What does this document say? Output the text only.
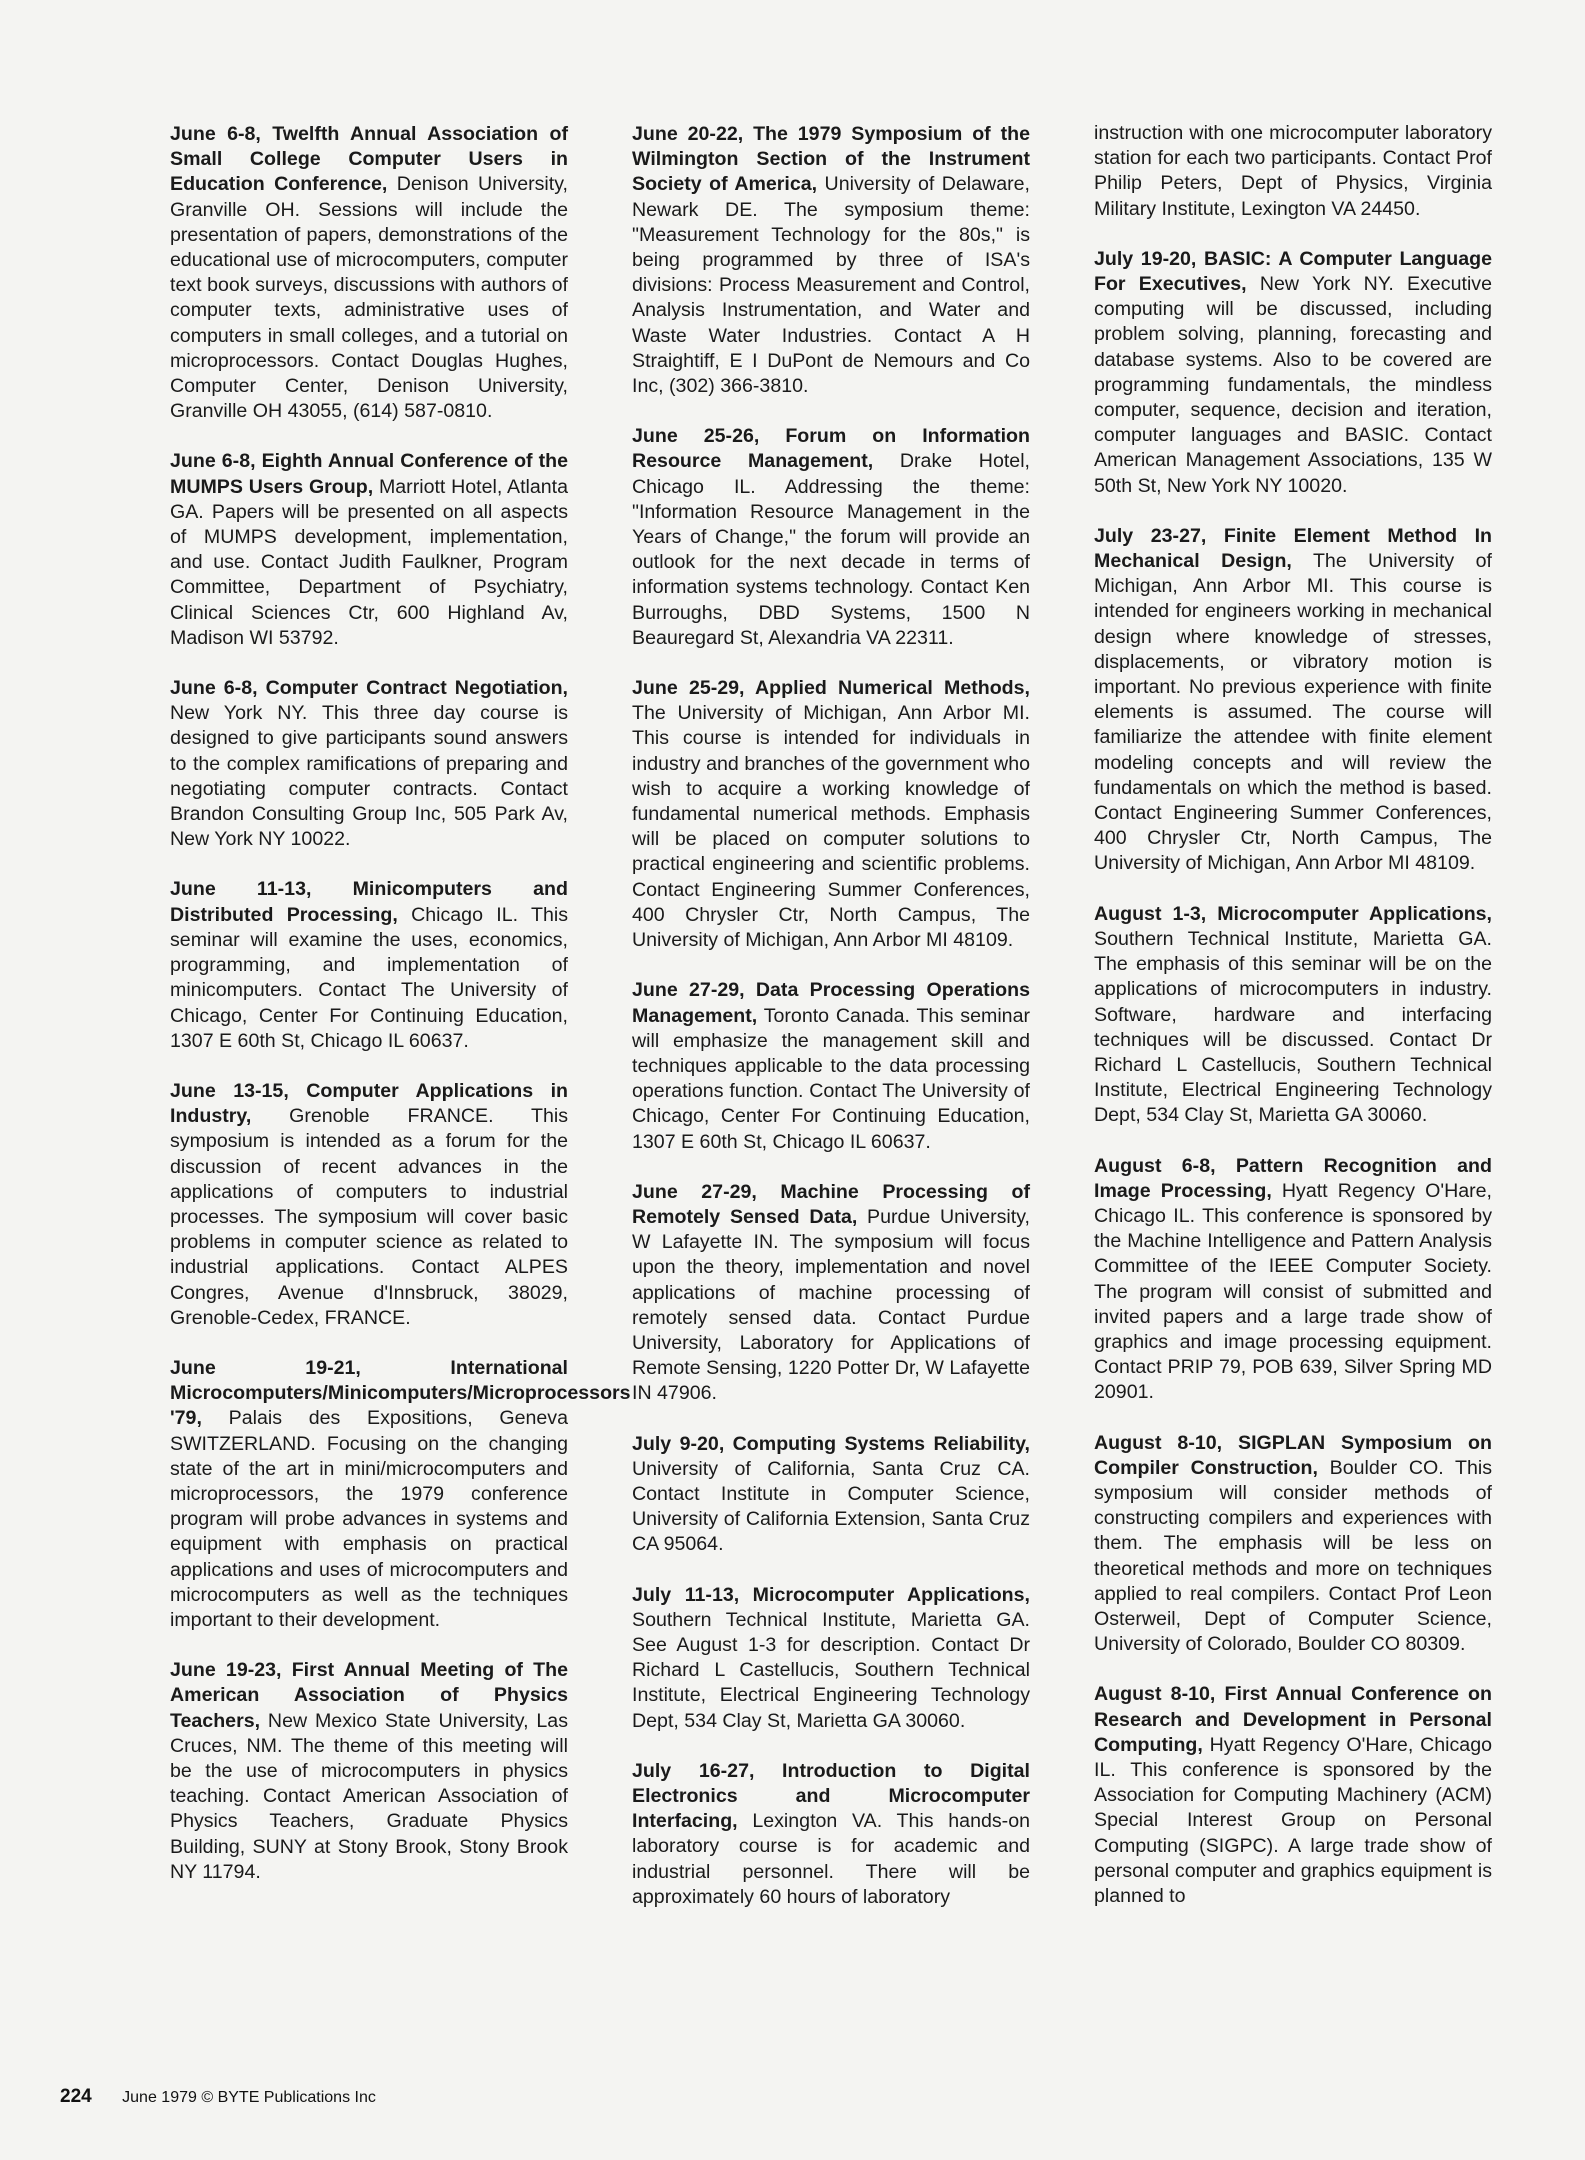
June 6-8, Twelfth Annual Association of Small College Computer Users in Education Conference, Denison University, Granville OH. Sessions will include the presentation of papers, demonstrations of the educational use of microcomputers, computer text book surveys, discussions with authors of computer texts, administrative uses of computers in small colleges, and a tutorial on microprocessors. Contact Douglas Hughes, Computer Center, Denison University, Granville OH 43055, (614) 587-0810.

June 6-8, Eighth Annual Conference of the MUMPS Users Group, Marriott Hotel, Atlanta GA. Papers will be presented on all aspects of MUMPS development, implementation, and use. Contact Judith Faulkner, Program Committee, Department of Psychiatry, Clinical Sciences Ctr, 600 Highland Av, Madison WI 53792.

June 6-8, Computer Contract Negotiation, New York NY. This three day course is designed to give participants sound answers to the complex ramifications of preparing and negotiating computer contracts. Contact Brandon Consulting Group Inc, 505 Park Av, New York NY 10022.

June 11-13, Minicomputers and Distributed Processing, Chicago IL. This seminar will examine the uses, economics, programming, and implementation of minicomputers. Contact The University of Chicago, Center For Continuing Education, 1307 E 60th St, Chicago IL 60637.

June 13-15, Computer Applications in Industry, Grenoble FRANCE. This symposium is intended as a forum for the discussion of recent advances in the applications of computers to industrial processes. The symposium will cover basic problems in computer science as related to industrial applications. Contact ALPES Congres, Avenue d'Innsbruck, 38029, Grenoble-Cedex, FRANCE.

June 19-21, International Microcomputers/Minicomputers/Microprocessors '79, Palais des Expositions, Geneva SWITZERLAND. Focusing on the changing state of the art in mini/microcomputers and microprocessors, the 1979 conference program will probe advances in systems and equipment with emphasis on practical applications and uses of microcomputers and microcomputers as well as the techniques important to their development.

June 19-23, First Annual Meeting of The American Association of Physics Teachers, New Mexico State University, Las Cruces, NM. The theme of this meeting will be the use of microcomputers in physics teaching. Contact American Association of Physics Teachers, Graduate Physics Building, SUNY at Stony Brook, Stony Brook NY 11794.

June 20-22, The 1979 Symposium of the Wilmington Section of the Instrument Society of America, University of Delaware, Newark DE. The symposium theme: "Measurement Technology for the 80s," is being programmed by three of ISA's divisions: Process Measurement and Control, Analysis Instrumentation, and Water and Waste Water Industries. Contact A H Straightiff, E I DuPont de Nemours and Co Inc, (302) 366-3810.

June 25-26, Forum on Information Resource Management, Drake Hotel, Chicago IL. Addressing the theme: "Information Resource Management in the Years of Change," the forum will provide an outlook for the next decade in terms of information systems technology. Contact Ken Burroughs, DBD Systems, 1500 N Beauregard St, Alexandria VA 22311.

June 25-29, Applied Numerical Methods, The University of Michigan, Ann Arbor MI. This course is intended for individuals in industry and branches of the government who wish to acquire a working knowledge of fundamental numerical methods. Emphasis will be placed on computer solutions to practical engineering and scientific problems. Contact Engineering Summer Conferences, 400 Chrysler Ctr, North Campus, The University of Michigan, Ann Arbor MI 48109.

June 27-29, Data Processing Operations Management, Toronto Canada. This seminar will emphasize the management skill and techniques applicable to the data processing operations function. Contact The University of Chicago, Center For Continuing Education, 1307 E 60th St, Chicago IL 60637.

June 27-29, Machine Processing of Remotely Sensed Data, Purdue University, W Lafayette IN. The symposium will focus upon the theory, implementation and novel applications of machine processing of remotely sensed data. Contact Purdue University, Laboratory for Applications of Remote Sensing, 1220 Potter Dr, W Lafayette IN 47906.

July 9-20, Computing Systems Reliability, University of California, Santa Cruz CA. Contact Institute in Computer Science, University of California Extension, Santa Cruz CA 95064.

July 11-13, Microcomputer Applications, Southern Technical Institute, Marietta GA. See August 1-3 for description. Contact Dr Richard L Castellucis, Southern Technical Institute, Electrical Engineering Technology Dept, 534 Clay St, Marietta GA 30060.

July 16-27, Introduction to Digital Electronics and Microcomputer Interfacing, Lexington VA. This hands-on laboratory course is for academic and industrial personnel. There will be approximately 60 hours of laboratory

instruction with one microcomputer laboratory station for each two participants. Contact Prof Philip Peters, Dept of Physics, Virginia Military Institute, Lexington VA 24450.

July 19-20, BASIC: A Computer Language For Executives, New York NY. Executive computing will be discussed, including problem solving, planning, forecasting and database systems. Also to be covered are programming fundamentals, the mindless computer, sequence, decision and iteration, computer languages and BASIC. Contact American Management Associations, 135 W 50th St, New York NY 10020.

July 23-27, Finite Element Method In Mechanical Design, The University of Michigan, Ann Arbor MI. This course is intended for engineers working in mechanical design where knowledge of stresses, displacements, or vibratory motion is important. No previous experience with finite elements is assumed. The course will familiarize the attendee with finite element modeling concepts and will review the fundamentals on which the method is based. Contact Engineering Summer Conferences, 400 Chrysler Ctr, North Campus, The University of Michigan, Ann Arbor MI 48109.

August 1-3, Microcomputer Applications, Southern Technical Institute, Marietta GA. The emphasis of this seminar will be on the applications of microcomputers in industry. Software, hardware and interfacing techniques will be discussed. Contact Dr Richard L Castellucis, Southern Technical Institute, Electrical Engineering Technology Dept, 534 Clay St, Marietta GA 30060.

August 6-8, Pattern Recognition and Image Processing, Hyatt Regency O'Hare, Chicago IL. This conference is sponsored by the Machine Intelligence and Pattern Analysis Committee of the IEEE Computer Society. The program will consist of submitted and invited papers and a large trade show of graphics and image processing equipment. Contact PRIP 79, POB 639, Silver Spring MD 20901.

August 8-10, SIGPLAN Symposium on Compiler Construction, Boulder CO. This symposium will consider methods of constructing compilers and experiences with them. The emphasis will be less on theoretical methods and more on techniques applied to real compilers. Contact Prof Leon Osterweil, Dept of Computer Science, University of Colorado, Boulder CO 80309.

August 8-10, First Annual Conference on Research and Development in Personal Computing, Hyatt Regency O'Hare, Chicago IL. This conference is sponsored by the Association for Computing Machinery (ACM) Special Interest Group on Personal Computing (SIGPC). A large trade show of personal computer and graphics equipment is planned to

224 June 1979 © BYTE Publications Inc
